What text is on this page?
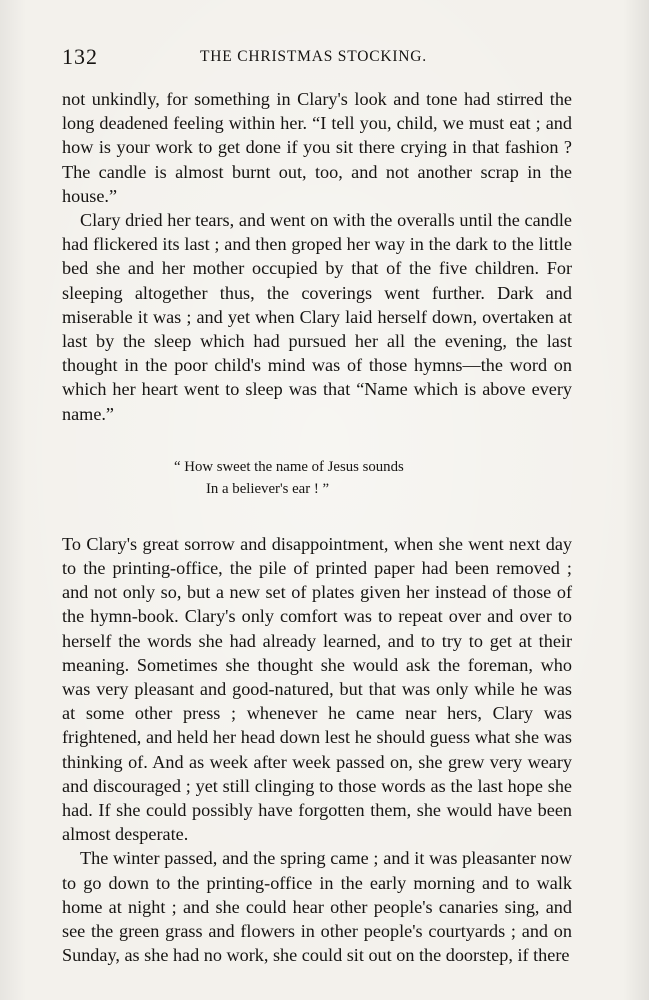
132	THE CHRISTMAS STOCKING.

not unkindly, for something in Clary's look and tone had stirred the long deadened feeling within her. “I tell you, child, we must eat ; and how is your work to get done if you sit there crying in that fashion ? The candle is almost burnt out, too, and not another scrap in the house.”

Clary dried her tears, and went on with the overalls until the candle had flickered its last ; and then groped her way in the dark to the little bed she and her mother occupied by that of the five children. For sleeping altogether thus, the coverings went further. Dark and miserable it was ; and yet when Clary laid herself down, overtaken at last by the sleep which had pursued her all the evening, the last thought in the poor child's mind was of those hymns—the word on which her heart went to sleep was that “Name which is above every name.”

“ How sweet the name of Jesus sounds
In a believer's ear ! ”

To Clary's great sorrow and disappointment, when she went next day to the printing-office, the pile of printed paper had been removed ; and not only so, but a new set of plates given her instead of those of the hymn-book. Clary's only comfort was to repeat over and over to herself the words she had already learned, and to try to get at their meaning. Sometimes she thought she would ask the foreman, who was very pleasant and good-natured, but that was only while he was at some other press ; whenever he came near hers, Clary was frightened, and held her head down lest he should guess what she was thinking of. And as week after week passed on, she grew very weary and discouraged ; yet still clinging to those words as the last hope she had. If she could possibly have forgotten them, she would have been almost desperate.

The winter passed, and the spring came ; and it was pleasanter now to go down to the printing-office in the early morning and to walk home at night ; and she could hear other people's canaries sing, and see the green grass and flowers in other people's courtyards ; and on Sunday, as she had no work, she could sit out on the doorstep, if there
